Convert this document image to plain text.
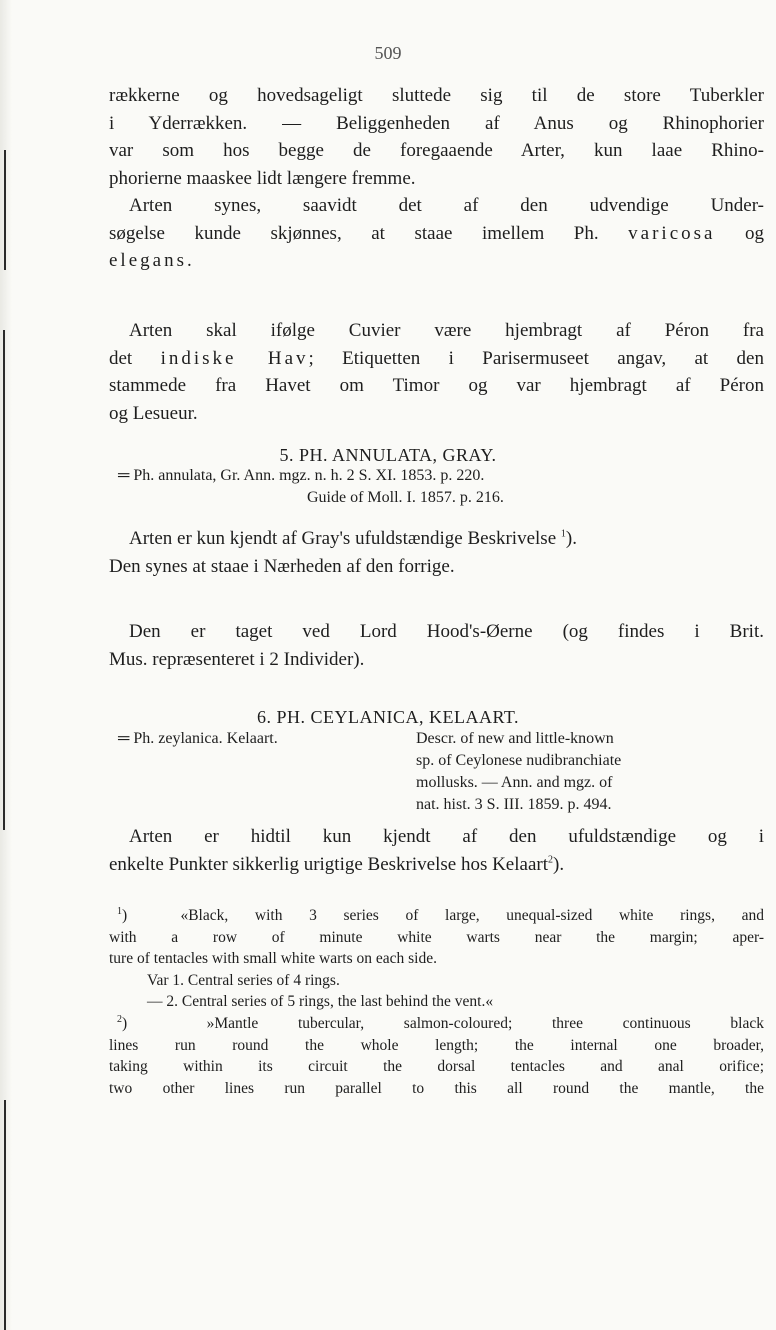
509
rækkerne og hovedsageligt sluttede sig til de store Tuberkler
i Yderrækken. — Beliggenheden af Anus og Rhinophorier
var som hos begge de foregaaende Arter, kun laae Rhino-
phorierne maaskee lidt længere fremme.
Arten synes, saavidt det af den udvendige Under-
søgelse kunde skjønnes, at staae imellem Ph. varicosa og
elegans.
Arten skal ifølge Cuvier være hjembragt af Péron fra
det indiske Hav; Etiquetten i Parisermuseet angav, at den
stammede fra Havet om Timor og var hjembragt af Péron
og Lesueur.
5. PH. ANNULATA, GRAY.
═ Ph. annulata, Gr. Ann. mgz. n. h. 2 S. XI. 1853. p. 220.
Guide of Moll. I. 1857. p. 216.
Arten er kun kjendt af Gray's ufuldstændige Beskrivelse $^1$).
Den synes at staae i Nærheden af den forrige.
Den er taget ved Lord Hood's-Øerne (og findes i Brit.
Mus. repræsenteret i 2 Individer).
6. PH. CEYLANICA, KELAART.
═ Ph. zeylanica. Kelaart.	Descr. of new and little-known
sp. of Ceylonese nudibranchiate
mollusks. — Ann. and mgz. of
nat. hist. 3 S. III. 1859. p. 494.
Arten er hidtil kun kjendt af den ufuldstændige og i
enkelte Punkter sikkerlig urigtige Beskrivelse hos Kelaart$^2$).
$^1$)  «Black, with 3 series of large, unequal-sized white rings, and
with a row of minute white warts near the margin; aper-
ture of tentacles with small white warts on each side.
Var 1. Central series of 4 rings.
— 2. Central series of 5 rings, the last behind the vent.«
$^2$)  »Mantle tubercular, salmon-coloured; three continuous black
lines run round the whole length; the internal one broader,
taking within its circuit the dorsal tentacles and anal orifice;
two other lines run parallel to this all round the mantle, the
